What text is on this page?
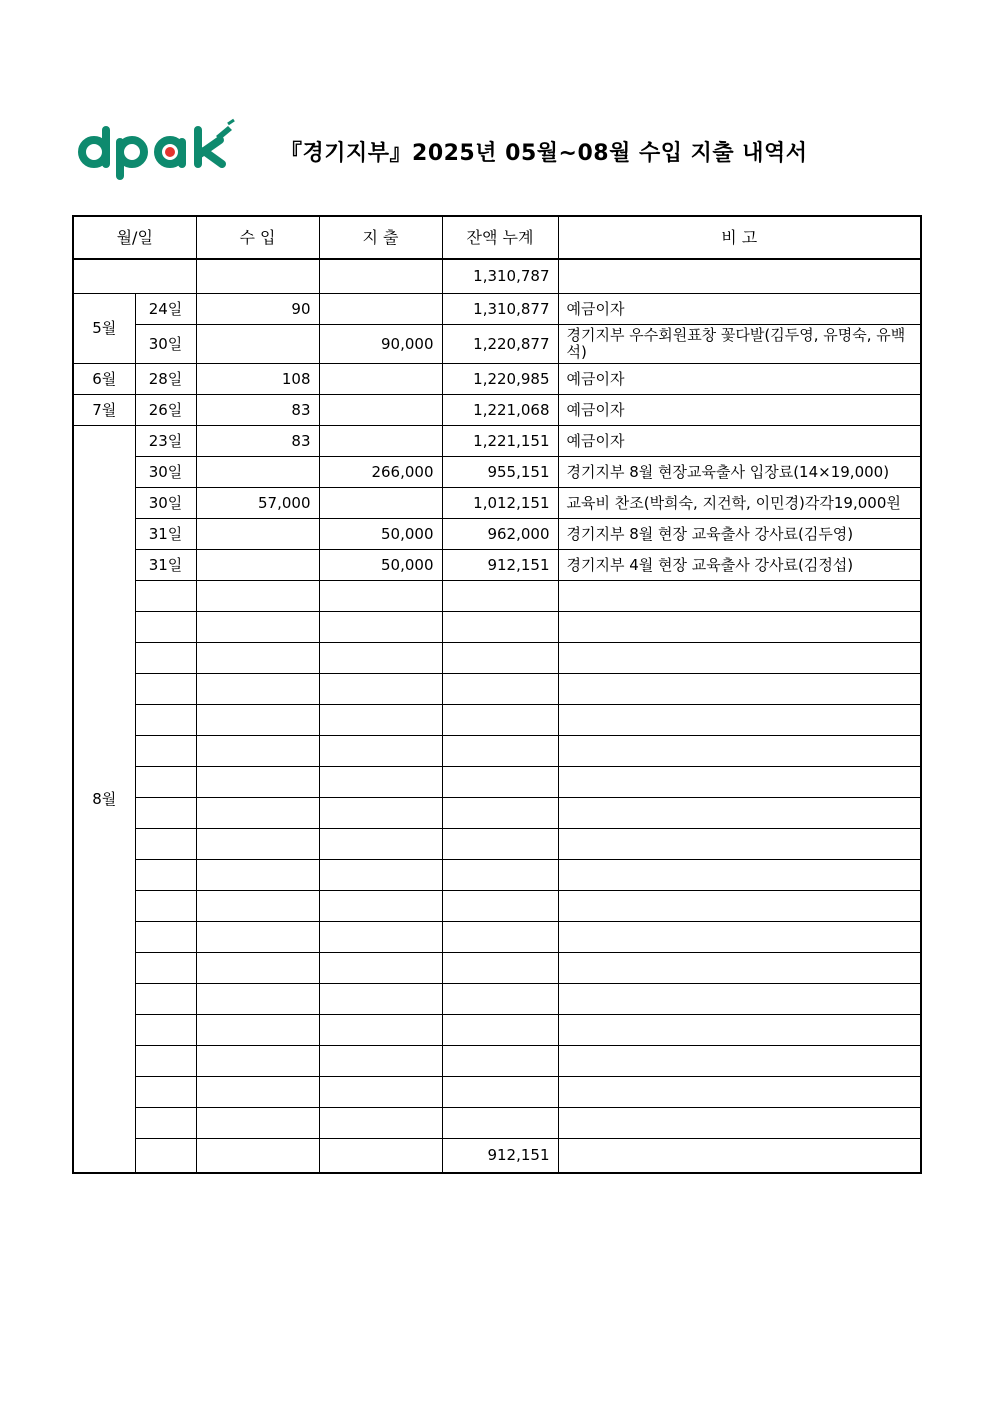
『경기지부』2025년 05월~08월 수입 지출 내역서
월/일		수 입	지 출	잔액 누계	비 고
				1,310,787	
5월	24일	90		1,310,877	예금이자
	30일		90,000	1,220,877	경기지부 우수회원표창 꽃다발(김두영, 유명숙, 유백석)
6월	28일	108		1,220,985	예금이자
7월	26일	83		1,221,068	예금이자
8월	23일	83		1,221,151	예금이자
	30일		266,000	955,151	경기지부 8월 현장교육출사 입장료(14×19,000)
	30일	57,000		1,012,151	교육비 찬조(박희숙, 지건학, 이민경)각각19,000원
	31일		50,000	962,000	경기지부 8월 현장 교육출사 강사료(김두영)
	31일		50,000	912,151	경기지부 4월 현장 교육출사 강사료(김정섭)

				912,151	
